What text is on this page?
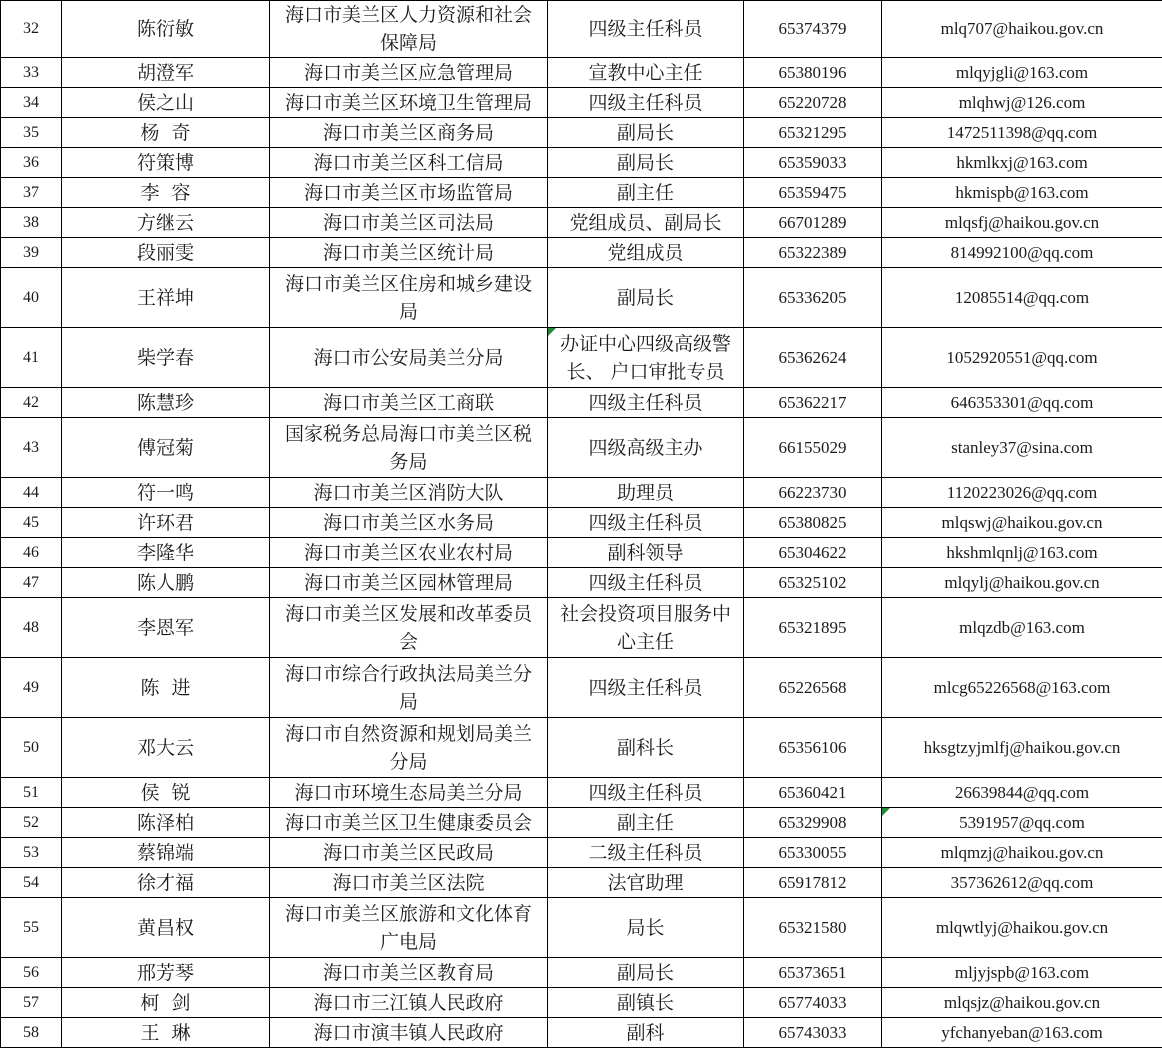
32	陈衍敏	海口市美兰区人力资源和社会
保障局	四级主任科员	65374379	mlq707@haikou.gov.cn
33	胡澄军	海口市美兰区应急管理局	宣教中心主任	65380196	mlqyjgli@163.com
34	侯之山	海口市美兰区环境卫生管理局	四级主任科员	65220728	mlqhwj@126.com
35	杨  奇	海口市美兰区商务局	副局长	65321295	1472511398@qq.com
36	符策博	海口市美兰区科工信局	副局长	65359033	hkmlkxj@163.com
37	李  容	海口市美兰区市场监管局	副主任	65359475	hkmispb@163.com
38	方继云	海口市美兰区司法局	党组成员、副局长	66701289	mlqsfj@haikou.gov.cn
39	段丽雯	海口市美兰区统计局	党组成员	65322389	814992100@qq.com
40	王祥坤	海口市美兰区住房和城乡建设
局	副局长	65336205	12085514@qq.com
41	柴学春	海口市公安局美兰分局	办证中心四级高级警
长、 户口审批专员	65362624	1052920551@qq.com
42	陈慧珍	海口市美兰区工商联	四级主任科员	65362217	646353301@qq.com
43	傅冠菊	国家税务总局海口市美兰区税
务局	四级高级主办	66155029	stanley37@sina.com
44	符一鸣	海口市美兰区消防大队	助理员	66223730	1120223026@qq.com
45	许环君	海口市美兰区水务局	四级主任科员	65380825	mlqswj@haikou.gov.cn
46	李隆华	海口市美兰区农业农村局	副科领导	65304622	hkshmlqnlj@163.com
47	陈人鹏	海口市美兰区园林管理局	四级主任科员	65325102	mlqylj@haikou.gov.cn
48	李恩军	海口市美兰区发展和改革委员
会	社会投资项目服务中
心主任	65321895	mlqzdb@163.com
49	陈  进	海口市综合行政执法局美兰分
局	四级主任科员	65226568	mlcg65226568@163.com
50	邓大云	海口市自然资源和规划局美兰
分局	副科长	65356106	hksgtzyjmlfj@haikou.gov.cn
51	侯  锐	海口市环境生态局美兰分局	四级主任科员	65360421	26639844@qq.com
52	陈泽柏	海口市美兰区卫生健康委员会	副主任	65329908	5391957@qq.com
53	蔡锦端	海口市美兰区民政局	二级主任科员	65330055	mlqmzj@haikou.gov.cn
54	徐才福	海口市美兰区法院	法官助理	65917812	357362612@qq.com
55	黄昌权	海口市美兰区旅游和文化体育
广电局	局长	65321580	mlqwtlyj@haikou.gov.cn
56	邢芳琴	海口市美兰区教育局	副局长	65373651	mljyjspb@163.com
57	柯  剑	海口市三江镇人民政府	副镇长	65774033	mlqsjz@haikou.gov.cn
58	王  琳	海口市演丰镇人民政府	副科	65743033	yfchanyeban@163.com
